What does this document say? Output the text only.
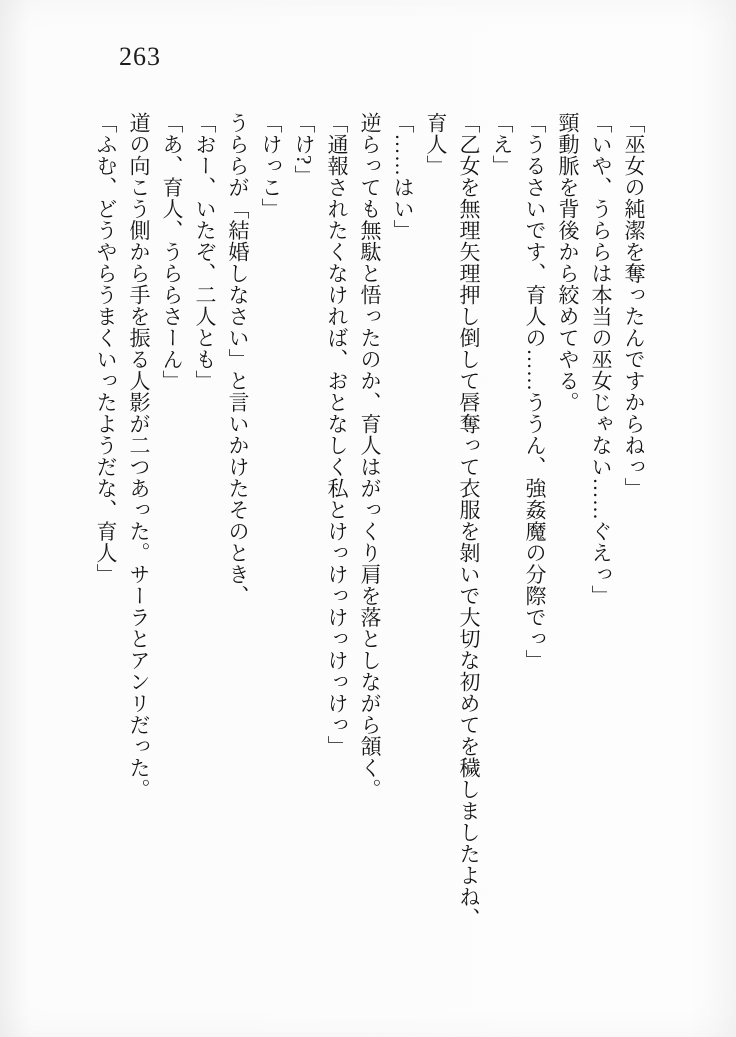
263

「巫女の純潔を奪ったんですからねっ」

「いや、うららは本当の巫女じゃない……ぐえっ」

頸動脈を背後から絞めてやる。

「うるさいです、育人の……ううん、強姦魔の分際でっ」

「え」

「乙女を無理矢理押し倒して唇奪って衣服を剝いで大切な初めてを穢しましたよね、

育人」

「……はい」

逆らっても無駄と悟ったのか、育人はがっくり肩を落としながら頷く。

「通報されたくなければ、おとなしく私とけっけっけっけっけっ」

「け?」

「けっこ」

うららが「結婚しなさい」と言いかけたそのとき、

「おー、いたぞ、二人とも」

「あ、育人、うららさーん」

道の向こう側から手を振る人影が二つあった。サーラとアンリだった。

「ふむ、どうやらうまくいったようだな、育人」
